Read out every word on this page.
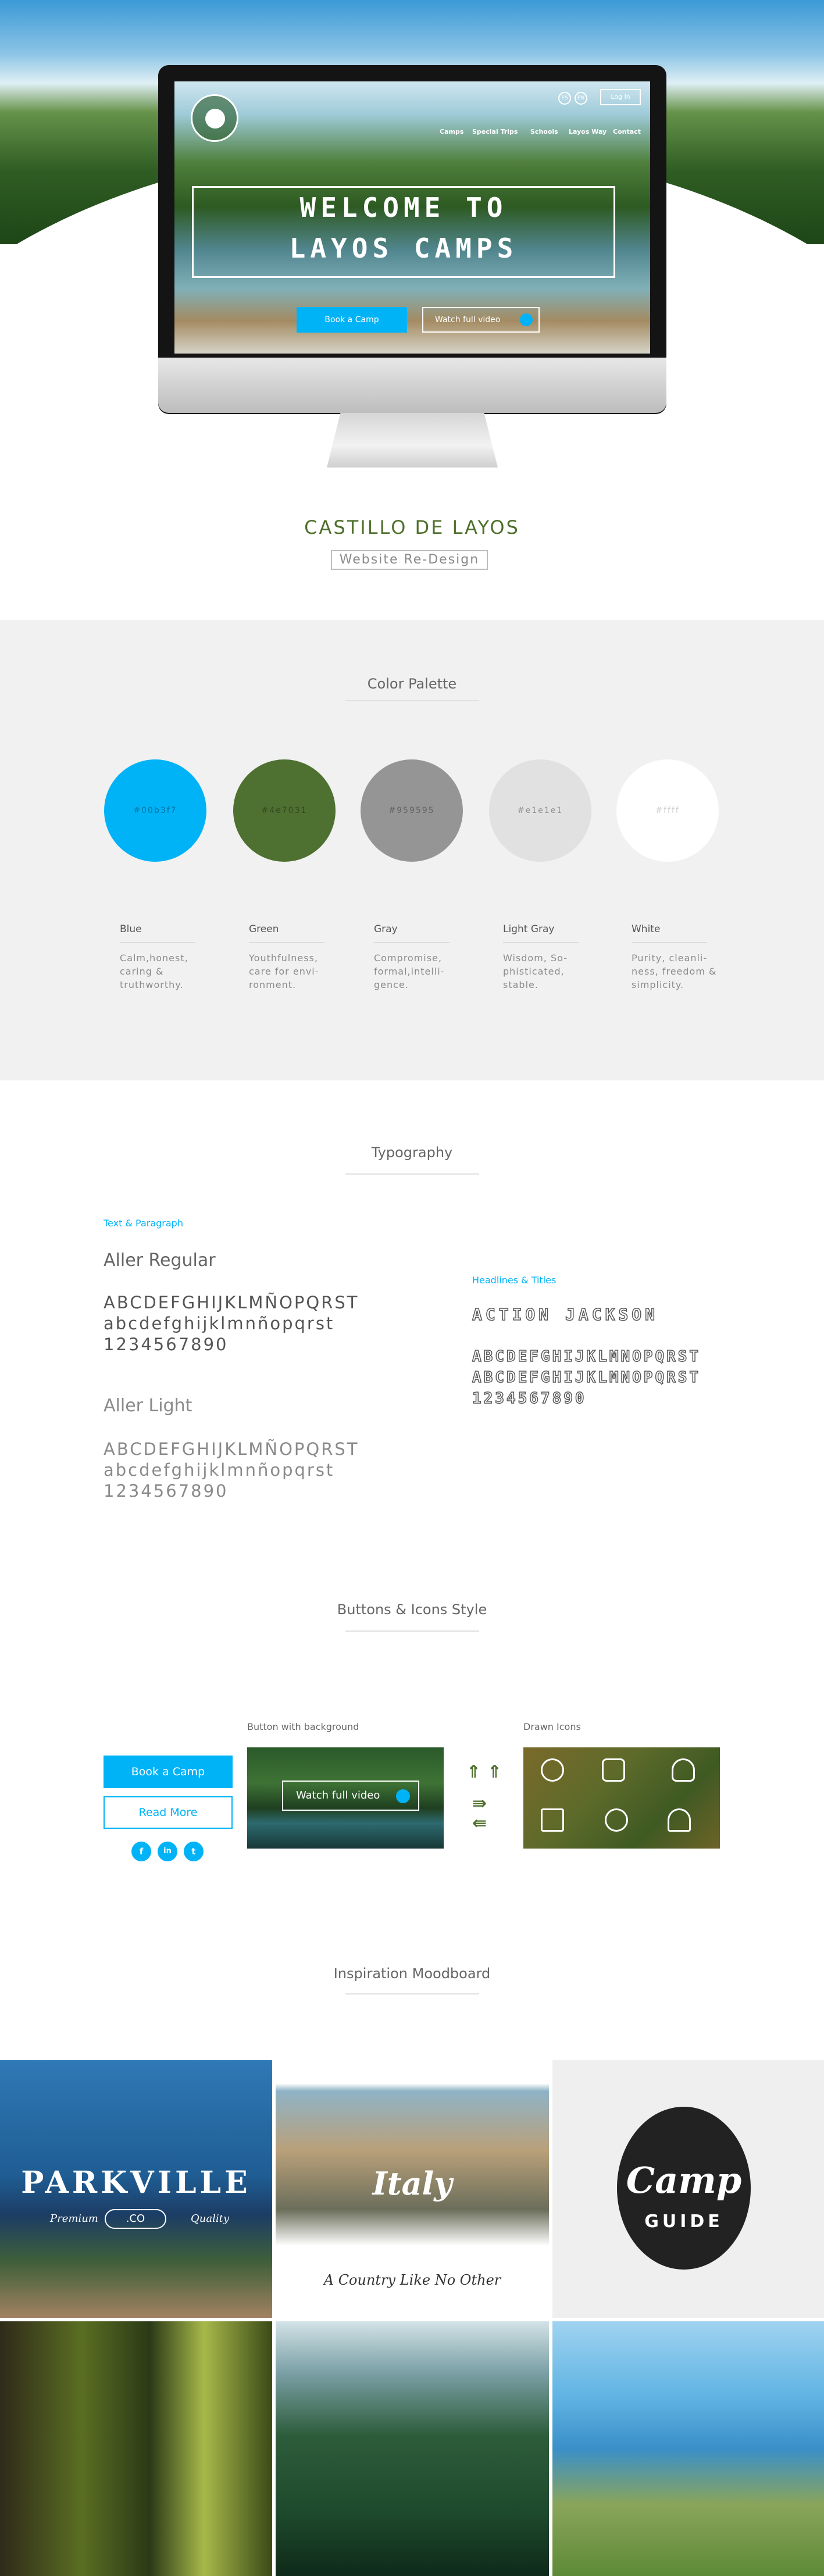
ES	EN	Log In
Camps Special Trips Schools Layos Way Contact
WELCOME TO
LAYOS CAMPS
Book a Camp	Watch full video
CASTILLO DE LAYOS
Website Re-Design
Color Palette
#00b3f7	#4e7031	#959595	#e1e1e1	#ffff
Blue	Green	Gray	Light Gray	White
Calm,honest, caring & truthworthy.
Youthfulness, care for envi-ronment.
Compromise, formal,intelli-gence.
Wisdom, So-phisticated, stable.
Purity, cleanli-ness, freedom & simplicity.
Typography
Text & Paragraph
Aller Regular
ABCDEFGHIJKLMÑOPQRST
abcdefghijklmnñopqrst
1234567890
Aller Light
ABCDEFGHIJKLMÑOPQRST
abcdefghijklmnñopqrst
1234567890
Headlines & Titles
ACTION JACKSON
ABCDEFGHIJKLMNOPQRST
ABCDEFGHIJKLMNOPQRST
1234567890
Buttons & Icons Style
Book a Camp
Read More
f	in	t
Button with background
Watch full video
⇑ ⇑
⇛
⇚
Drawn Icons
Inspiration Moodboard
PARKVILLE
Premium	.CO	Quality
Italy
A Country Like No Other
Camp
GUIDE
